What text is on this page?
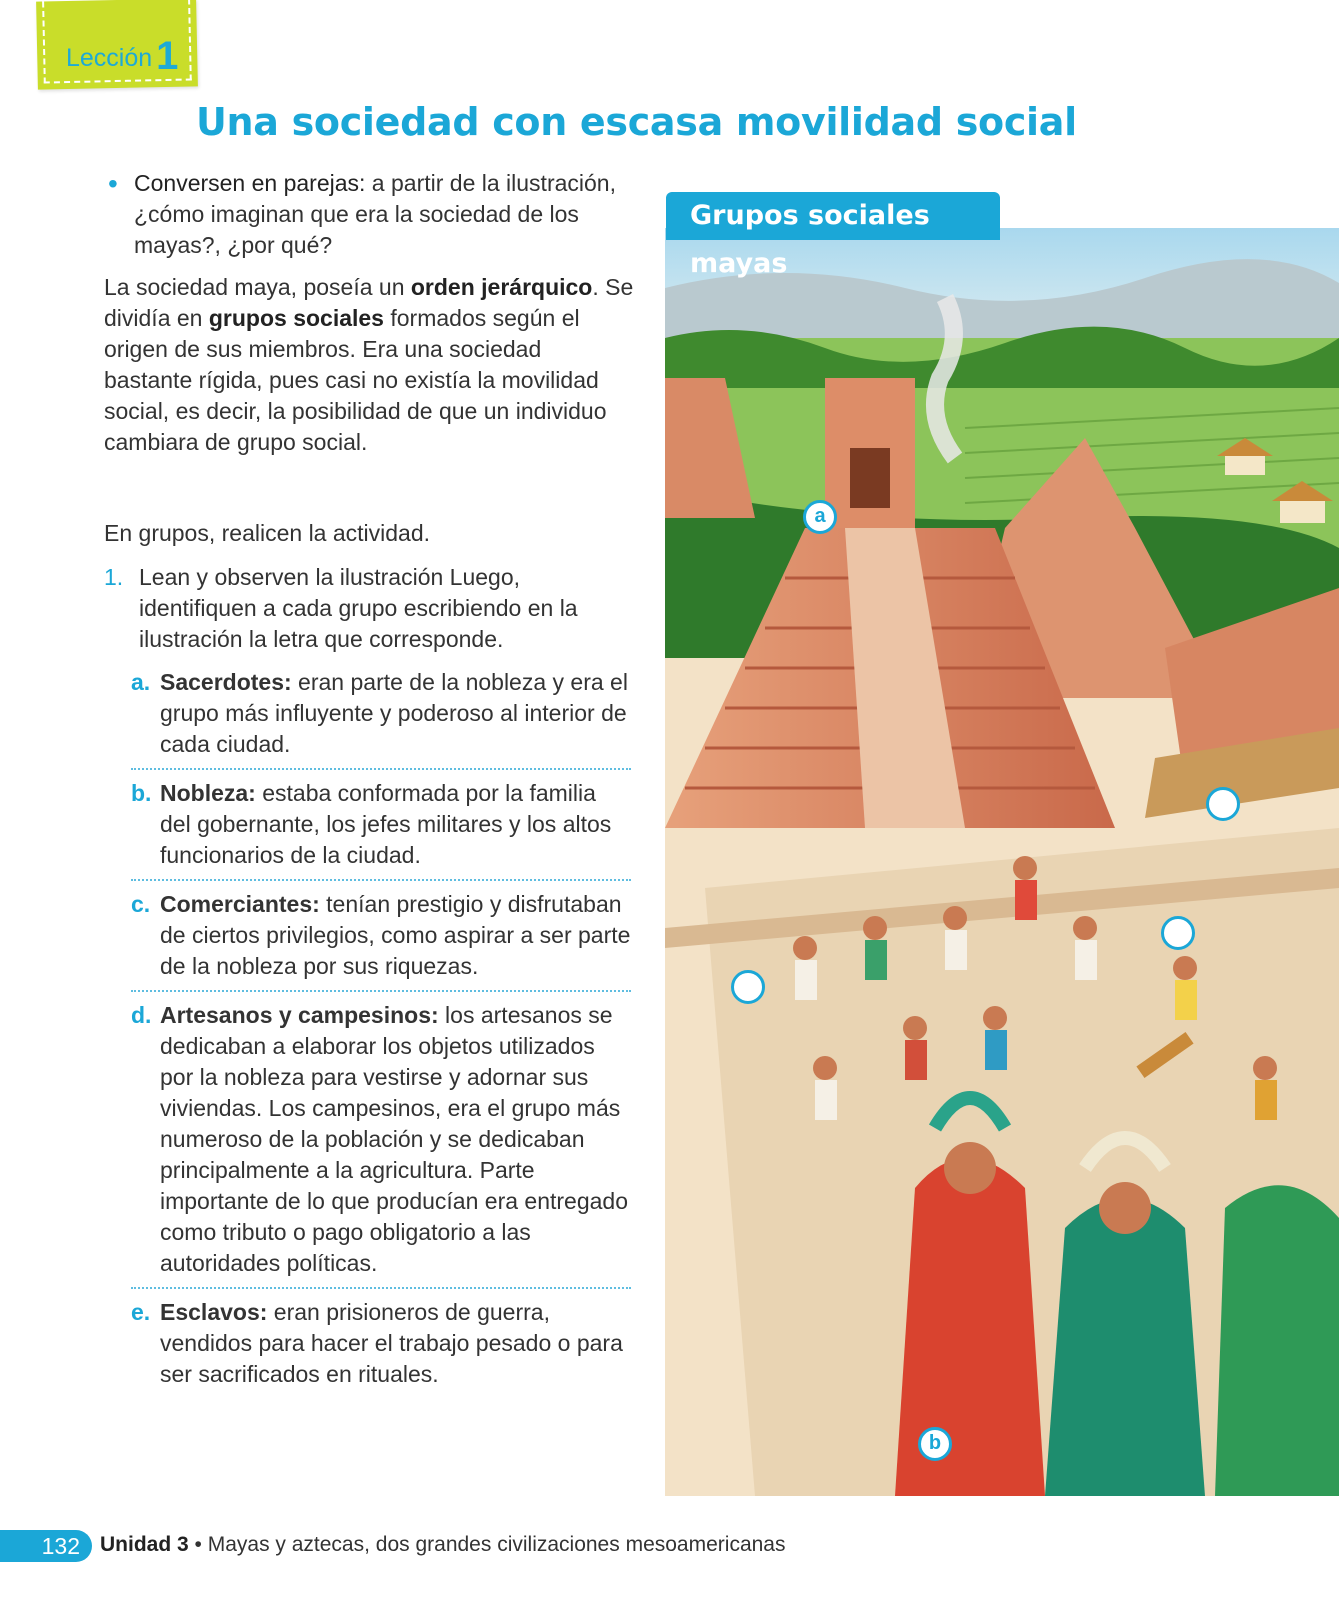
Lección 1
Una sociedad con escasa movilidad social
• Conversen en parejas: a partir de la ilustración, ¿cómo imaginan que era la sociedad de los mayas?, ¿por qué?

La sociedad maya, poseía un orden jerárquico. Se dividía en grupos sociales formados según el origen de sus miembros. Era una sociedad bastante rígida, pues casi no existía la movilidad social, es decir, la posibilidad de que un individuo cambiara de grupo social.

En grupos, realicen la actividad.

1. Lean y observen la ilustración Luego, identifiquen a cada grupo escribiendo en la ilustración la letra que corresponde.
a. Sacerdotes: eran parte de la nobleza y era el grupo más influyente y poderoso al interior de cada ciudad.
b. Nobleza: estaba conformada por la familia del gobernante, los jefes militares y los altos funcionarios de la ciudad.
c. Comerciantes: tenían prestigio y disfrutaban de ciertos privilegios, como aspirar a ser parte de la nobleza por sus riquezas.
d. Artesanos y campesinos: los artesanos se dedicaban a elaborar los objetos utilizados por la nobleza para vestirse y adornar sus viviendas. Los campesinos, era el grupo más numeroso de la población y se dedicaban principalmente a la agricultura. Parte importante de lo que producían era entregado como tributo o pago obligatorio a las autoridades políticas.
e. Esclavos: eran prisioneros de guerra, vendidos para hacer el trabajo pesado o para ser sacrificados en rituales.
Grupos sociales mayas
a
b
132 Unidad 3 • Mayas y aztecas, dos grandes civilizaciones mesoamericanas
